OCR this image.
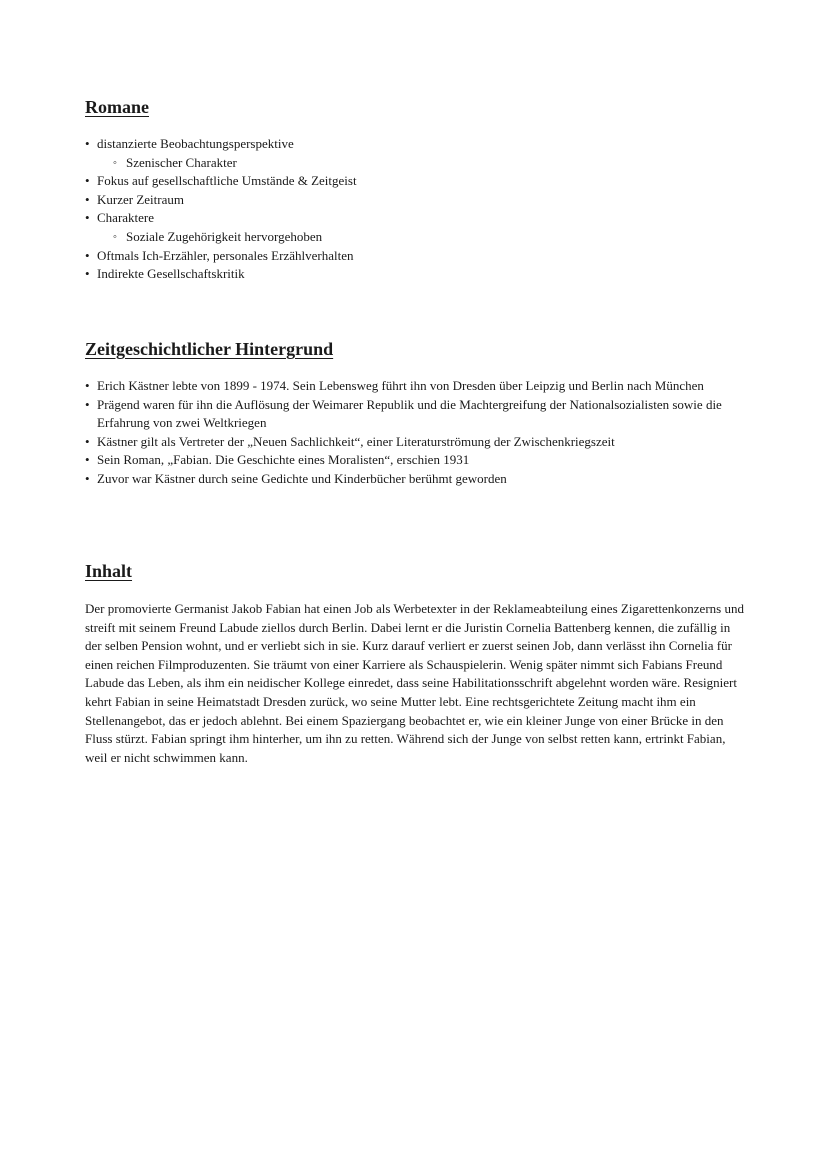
Romane
• distanzierte Beobachtungsperspektive
◦ Szenischer Charakter
• Fokus auf gesellschaftliche Umstände & Zeitgeist
• Kurzer Zeitraum
• Charaktere
◦ Soziale Zugehörigkeit hervorgehoben
• Oftmals Ich-Erzähler, personales Erzählverhalten
• Indirekte Gesellschaftskritik
Zeitgeschichtlicher Hintergrund
• Erich Kästner lebte von 1899 - 1974. Sein Lebensweg führt ihn von Dresden über Leipzig und Berlin nach München
• Prägend waren für ihn die Auflösung der Weimarer Republik und die Machtergreifung der Nationalsozialisten sowie die Erfahrung von zwei Weltkriegen
• Kästner gilt als Vertreter der „Neuen Sachlichkeit“, einer Literaturströmung der Zwischenkriegszeit
• Sein Roman, „Fabian. Die Geschichte eines Moralisten“, erschien 1931
• Zuvor war Kästner durch seine Gedichte und Kinderbücher berühmt geworden
Inhalt

Der promovierte Germanist Jakob Fabian hat einen Job als Werbetexter in der Reklameabteilung eines Zigarettenkonzerns und streift mit seinem Freund Labude ziellos durch Berlin. Dabei lernt er die Juristin Cornelia Battenberg kennen, die zufällig in der selben Pension wohnt, und er verliebt sich in sie. Kurz darauf verliert er zuerst seinen Job, dann verlässt ihn Cornelia für einen reichen Filmproduzenten. Sie träumt von einer Karriere als Schauspielerin. Wenig später nimmt sich Fabians Freund Labude das Leben, als ihm ein neidischer Kollege einredet, dass seine Habilitationsschrift abgelehnt worden wäre. Resigniert kehrt Fabian in seine Heimatstadt Dresden zurück, wo seine Mutter lebt. Eine rechtsgerichtete Zeitung macht ihm ein Stellenangebot, das er jedoch ablehnt. Bei einem Spaziergang beobachtet er, wie ein kleiner Junge von einer Brücke in den Fluss stürzt. Fabian springt ihm hinterher, um ihn zu retten. Während sich der Junge von selbst retten kann, ertrinkt Fabian, weil er nicht schwimmen kann.
